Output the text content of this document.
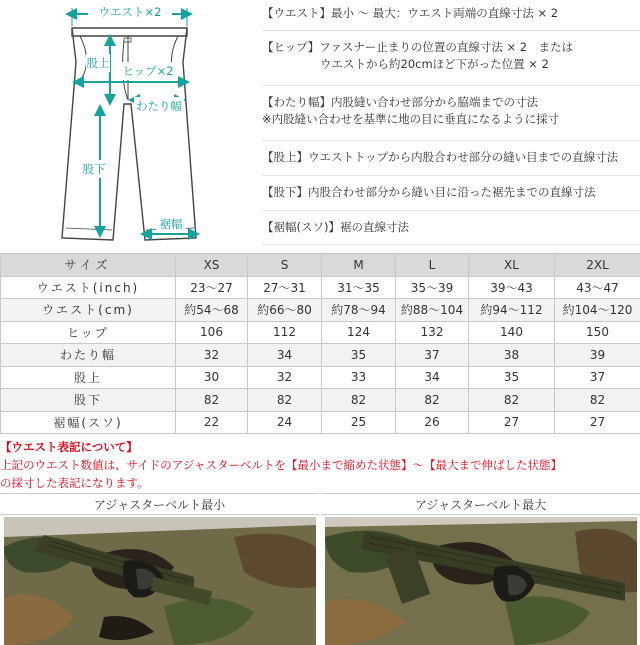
ウエスト×2
股上
ヒップ×2
わたり幅
股下
裾幅
【ウエスト】最小 〜 最大：ウエスト両端の直線寸法 × 2
【ヒップ】ファスナー止まりの位置の直線寸法 × 2　または
ウエストから約20cmほど下がった位置 × 2
【わたり幅】内股縫い合わせ部分から脇端までの寸法
※内股縫い合わせを基準に地の目に垂直になるように採寸
【股上】ウエストトップから内股合わせ部分の縫い目までの直線寸法
【股下】内股合わせ部分から縫い目に沿った裾先までの直線寸法
【裾幅(スソ)】裾の直線寸法
サイズ	XS	S	M	L	XL	2XL
ウエスト(inch)	23〜27	27〜31	31〜35	35〜39	39〜43	43〜47
ウエスト(cm)	約54〜68	約66〜80	約78〜94	約88〜104	約94〜112	約104〜120
ヒップ	106	112	124	132	140	150
わたり幅	32	34	35	37	38	39
股上	30	32	33	34	35	37
股下	82	82	82	82	82	82
裾幅(スソ)	22	24	25	26	27	27
【ウエスト表記について】
上記のウエスト数値は、サイドのアジャスターベルトを【最小まで縮めた状態】〜【最大まで伸ばした状態】
の採寸した表記になります。
アジャスターベルト最小	アジャスターベルト最大
